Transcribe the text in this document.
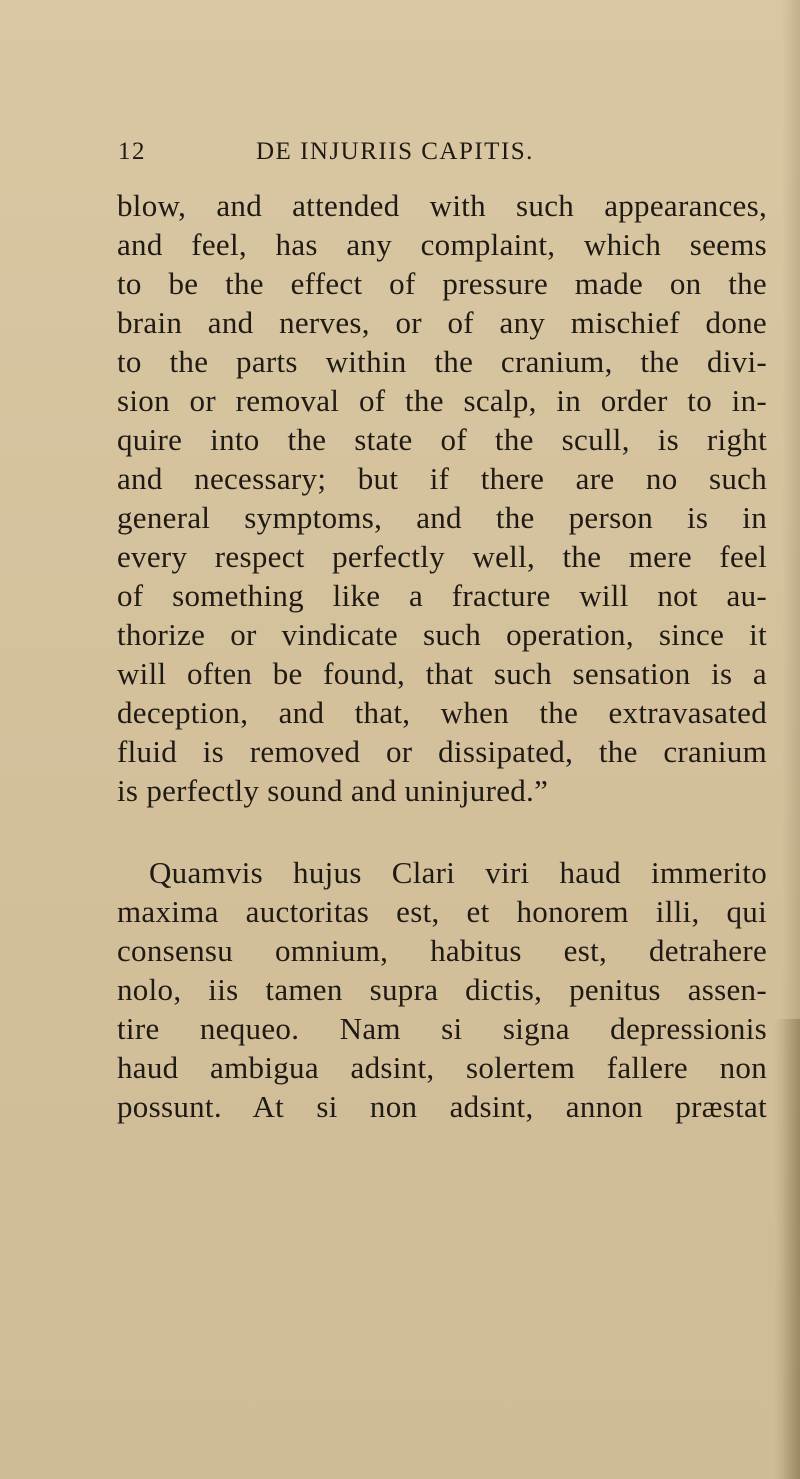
12	DE INJURIIS CAPITIS.
blow, and attended with such appearances,
and feel, has any complaint, which seems
to be the effect of pressure made on the
brain and nerves, or of any mischief done
to the parts within the cranium, the divi-
sion or removal of the scalp, in order to in-
quire into the state of the scull, is right
and necessary; but if there are no such
general symptoms, and the person is in
every respect perfectly well, the mere feel
of something like a fracture will not au-
thorize or vindicate such operation, since it
will often be found, that such sensation is a
deception, and that, when the extravasated
fluid is removed or dissipated, the cranium
is perfectly sound and uninjured.”
Quamvis hujus Clari viri haud immerito
maxima auctoritas est, et honorem illi, qui
consensu omnium, habitus est, detrahere
nolo, iis tamen supra dictis, penitus assen-
tire nequeo. Nam si signa depressionis
haud ambigua adsint, solertem fallere non
possunt. At si non adsint, annon præstat
